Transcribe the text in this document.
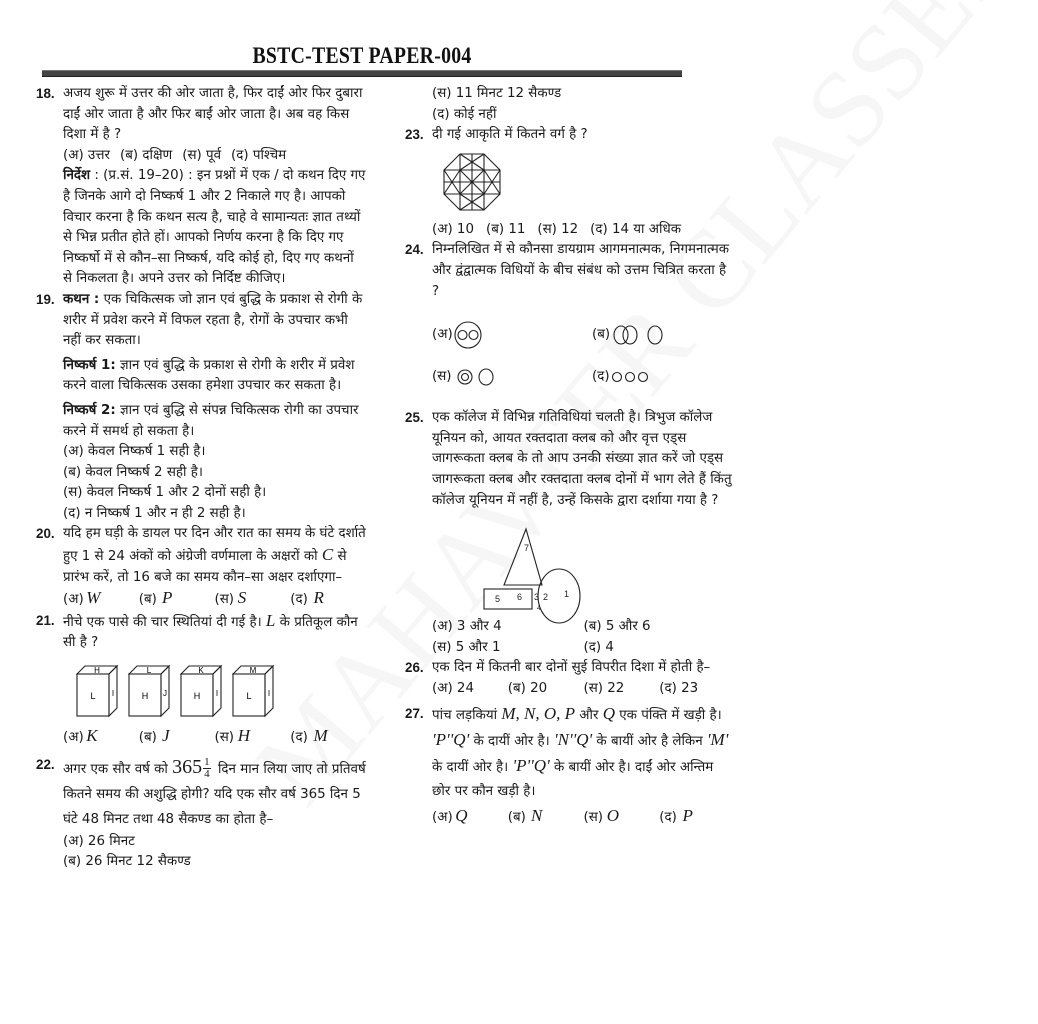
BSTC-TEST PAPER-004
18. अजय शुरू में उत्तर की ओर जाता है, फिर दाईं ओर फिर दुबारा दाईं ओर जाता है और फिर बाईं ओर जाता है। अब वह किस दिशा में है ?

(अ) उत्तर (ब) दक्षिण (स) पूर्व (द) पश्चिम

निर्देश : (प्र.सं. 19–20) : इन प्रश्नों में एक / दो कथन दिए गए है जिनके आगे दो निष्कर्ष 1 और 2 निकाले गए है। आपको विचार करना है कि कथन सत्य है, चाहे वे सामान्यतः ज्ञात तथ्यों से भिन्न प्रतीत होते हों। आपको निर्णय करना है कि दिए गए निष्कर्षो में से कौन–सा निष्कर्ष, यदि कोई हो, दिए गए कथनों से निकलता है। अपने उत्तर को निर्दिष्ट कीजिए।

19. कथन : एक चिकित्सक जो ज्ञान एवं बुद्धि के प्रकाश से रोगी के शरीर में प्रवेश करने में विफल रहता है, रोगों के उपचार कभी नहीं कर सकता।

निष्कर्ष 1: ज्ञान एवं बुद्धि के प्रकाश से रोगी के शरीर में प्रवेश करने वाला चिकित्सक उसका हमेशा उपचार कर सकता है।

निष्कर्ष 2: ज्ञान एवं बुद्धि से संपन्न चिकित्सक रोगी का उपचार करने में समर्थ हो सकता है।

(अ) केवल निष्कर्ष 1 सही है।
(ब) केवल निष्कर्ष 2 सही है।
(स) केवल निष्कर्ष 1 और 2 दोनों सही है।
(द) न निष्कर्ष 1 और न ही 2 सही है।
20. यदि हम घड़ी के डायल पर दिन और रात का समय के घंटे दर्शाते हुए 1 से 24 अंकों को अंग्रेजी वर्णमाला के अक्षरों को C से प्रारंभ करें, तो 16 बजे का समय कौन–सा अक्षर दर्शाएगा–

(अ) W	(ब) P	(स) S	(द) R
21. नीचे एक पासे की चार स्थितियां दी गई है। L के प्रतिकूल कौन सी है ?

H
L I
L
H J
K
H I
M
L I
(अ) K	(ब) J	(स) H	(द) M
22. अगर एक सौर वर्ष को $365 \frac{1}{4}$ दिन मान लिया जाए तो प्रतिवर्ष कितने समय की अशुद्धि होगी? यदि एक सौर वर्ष 365 दिन 5 घंटे 48 मिनट तथा 48 सैकण्ड का होता है–

(अ) 26 मिनट
(ब) 26 मिनट 12 सैकण्ड
(स) 11 मिनट 12 सैकण्ड
(द) कोई नहीं
23. दी गई आकृति में कितने वर्ग है ?

(अ) 10 (ब) 11 (स) 12 (द) 14 या अधिक
24. निम्नलिखित में से कौनसा डायग्राम आगमनात्मक, निगमनात्मक और द्वंद्वात्मक विधियों के बीच संबंध को उत्तम चित्रित करता है ?

(अ)	(ब)
(स)	(द)
25. एक कॉलेज में विभिन्न गतिविधियां चलती है। त्रिभुज कॉलेज यूनियन को, आयत रक्तदाता क्लब को और वृत्त एड्स जागरूकता क्लब के तो आप उनकी संख्या ज्ञात करें जो एड्स जागरूकता क्लब और रक्तदाता क्लब दोनों में भाग लेते हैं किंतु कॉलेज यूनियन में नहीं है, उन्हें किसके द्वारा दर्शाया गया है ?

7
5 6 3 2 1
4
(अ) 3 और 4	(ब) 5 और 6
(स) 5 और 1	(द) 4
26. एक दिन में कितनी बार दोनों सुई विपरीत दिशा में होती है–

(अ) 24	(ब) 20	(स) 22	(द) 23
27. पांच लड़कियां M, N, O, P और Q एक पंक्ति में खड़ी है। 'P''Q' के दायीं ओर है। 'N''Q' के बायीं ओर है लेकिन 'M' के दायीं ओर है। 'P''Q' के बायीं ओर है। दाईं ओर अन्तिम छोर पर कौन खड़ी है।

(अ) Q	(ब) N	(स) O	(द) P
